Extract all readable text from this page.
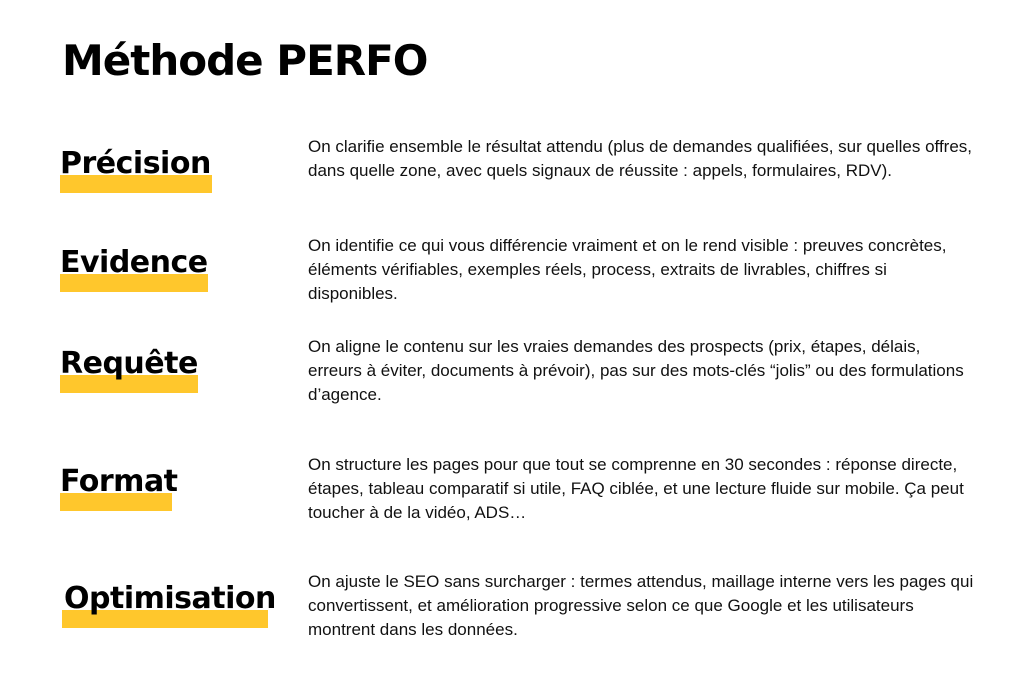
Méthode PERFO
Précision	On clarifie ensemble le résultat attendu (plus de demandes qualifiées, sur quelles offres, dans quelle zone, avec quels signaux de réussite : appels, formulaires, RDV).

Evidence	On identifie ce qui vous différencie vraiment et on le rend visible : preuves concrètes, éléments vérifiables, exemples réels, process, extraits de livrables, chiffres si disponibles.

Requête	On aligne le contenu sur les vraies demandes des prospects (prix, étapes, délais, erreurs à éviter, documents à prévoir), pas sur des mots-clés “jolis” ou des formulations d’agence.

Format	On structure les pages pour que tout se comprenne en 30 secondes : réponse directe, étapes, tableau comparatif si utile, FAQ ciblée, et une lecture fluide sur mobile. Ça peut toucher à de la vidéo, ADS…

Optimisation On ajuste le SEO sans surcharger : termes attendus, maillage interne vers les pages qui convertissent, et amélioration progressive selon ce que Google et les utilisateurs montrent dans les données.
